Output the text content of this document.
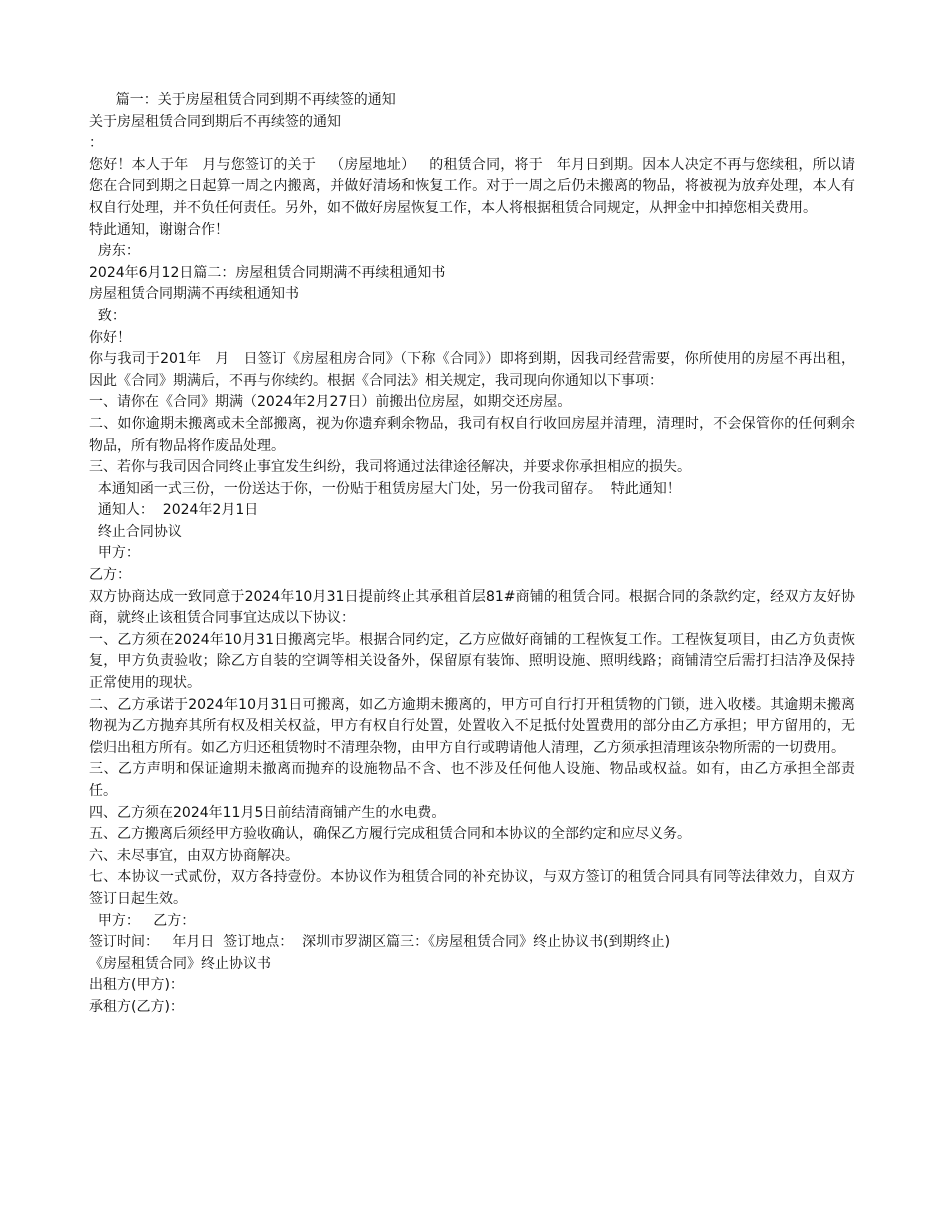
篇一：关于房屋租赁合同到期不再续签的通知
关于房屋租赁合同到期后不再续签的通知
：
您好！本人于年   月与您签订的关于   （房屋地址）   的租赁合同，将于   年月日到期。因本人决定不再与您续租，所以请您在合同到期之日起算一周之内搬离，并做好清场和恢复工作。对于一周之后仍未搬离的物品，将被视为放弃处理，本人有权自行处理，并不负任何责任。另外，如不做好房屋恢复工作，本人将根据租赁合同规定，从押金中扣掉您相关费用。
特此通知，谢谢合作！
房东：
2024年6月12日篇二：房屋租赁合同期满不再续租通知书
房屋租赁合同期满不再续租通知书
致：
你好！
你与我司于201年   月   日签订《房屋租房合同》（下称《合同》）即将到期，因我司经营需要，你所使用的房屋不再出租，因此《合同》期满后，不再与你续约。根据《合同法》相关规定，我司现向你通知以下事项：
一、请你在《合同》期满（2024年2月27日）前搬出位房屋，如期交还房屋。
二、如你逾期未搬离或未全部搬离，视为你遗弃剩余物品，我司有权自行收回房屋并清理，清理时，不会保管你的任何剩余物品，所有物品将作废品处理。
三、若你与我司因合同终止事宜发生纠纷，我司将通过法律途径解决，并要求你承担相应的损失。
本通知函一式三份，一份送达于你，一份贴于租赁房屋大门处，另一份我司留存。  特此通知！
通知人：  2024年2月1日
终止合同协议
甲方：
乙方：
双方协商达成一致同意于2024年10月31日提前终止其承租首层81#商铺的租赁合同。根据合同的条款约定，经双方友好协商，就终止该租赁合同事宜达成以下协议：
一、乙方须在2024年10月31日搬离完毕。根据合同约定，乙方应做好商铺的工程恢复工作。工程恢复项目，由乙方负责恢复，甲方负责验收；除乙方自装的空调等相关设备外，保留原有装饰、照明设施、照明线路；商铺清空后需打扫洁净及保持正常使用的现状。
二、乙方承诺于2024年10月31日可搬离，如乙方逾期未搬离的，甲方可自行打开租赁物的门锁，进入收楼。其逾期未搬离物视为乙方抛弃其所有权及相关权益，甲方有权自行处置，处置收入不足抵付处置费用的部分由乙方承担；甲方留用的，无偿归出租方所有。如乙方归还租赁物时不清理杂物，由甲方自行或聘请他人清理，乙方须承担清理该杂物所需的一切费用。
三、乙方声明和保证逾期未撤离而抛弃的设施物品不含、也不涉及任何他人设施、物品或权益。如有，由乙方承担全部责任。
四、乙方须在2024年11月5日前结清商铺产生的水电费。
五、乙方搬离后须经甲方验收确认，确保乙方履行完成租赁合同和本协议的全部约定和应尽义务。
六、未尽事宜，由双方协商解决。
七、本协议一式贰份，双方各持壹份。本协议作为租赁合同的补充协议，与双方签订的租赁合同具有同等法律效力，自双方签订日起生效。
甲方：   乙方：
签订时间：   年月日  签订地点：  深圳市罗湖区篇三：《房屋租赁合同》终止协议书(到期终止)
《房屋租赁合同》终止协议书
出租方(甲方)：
承租方(乙方)：
